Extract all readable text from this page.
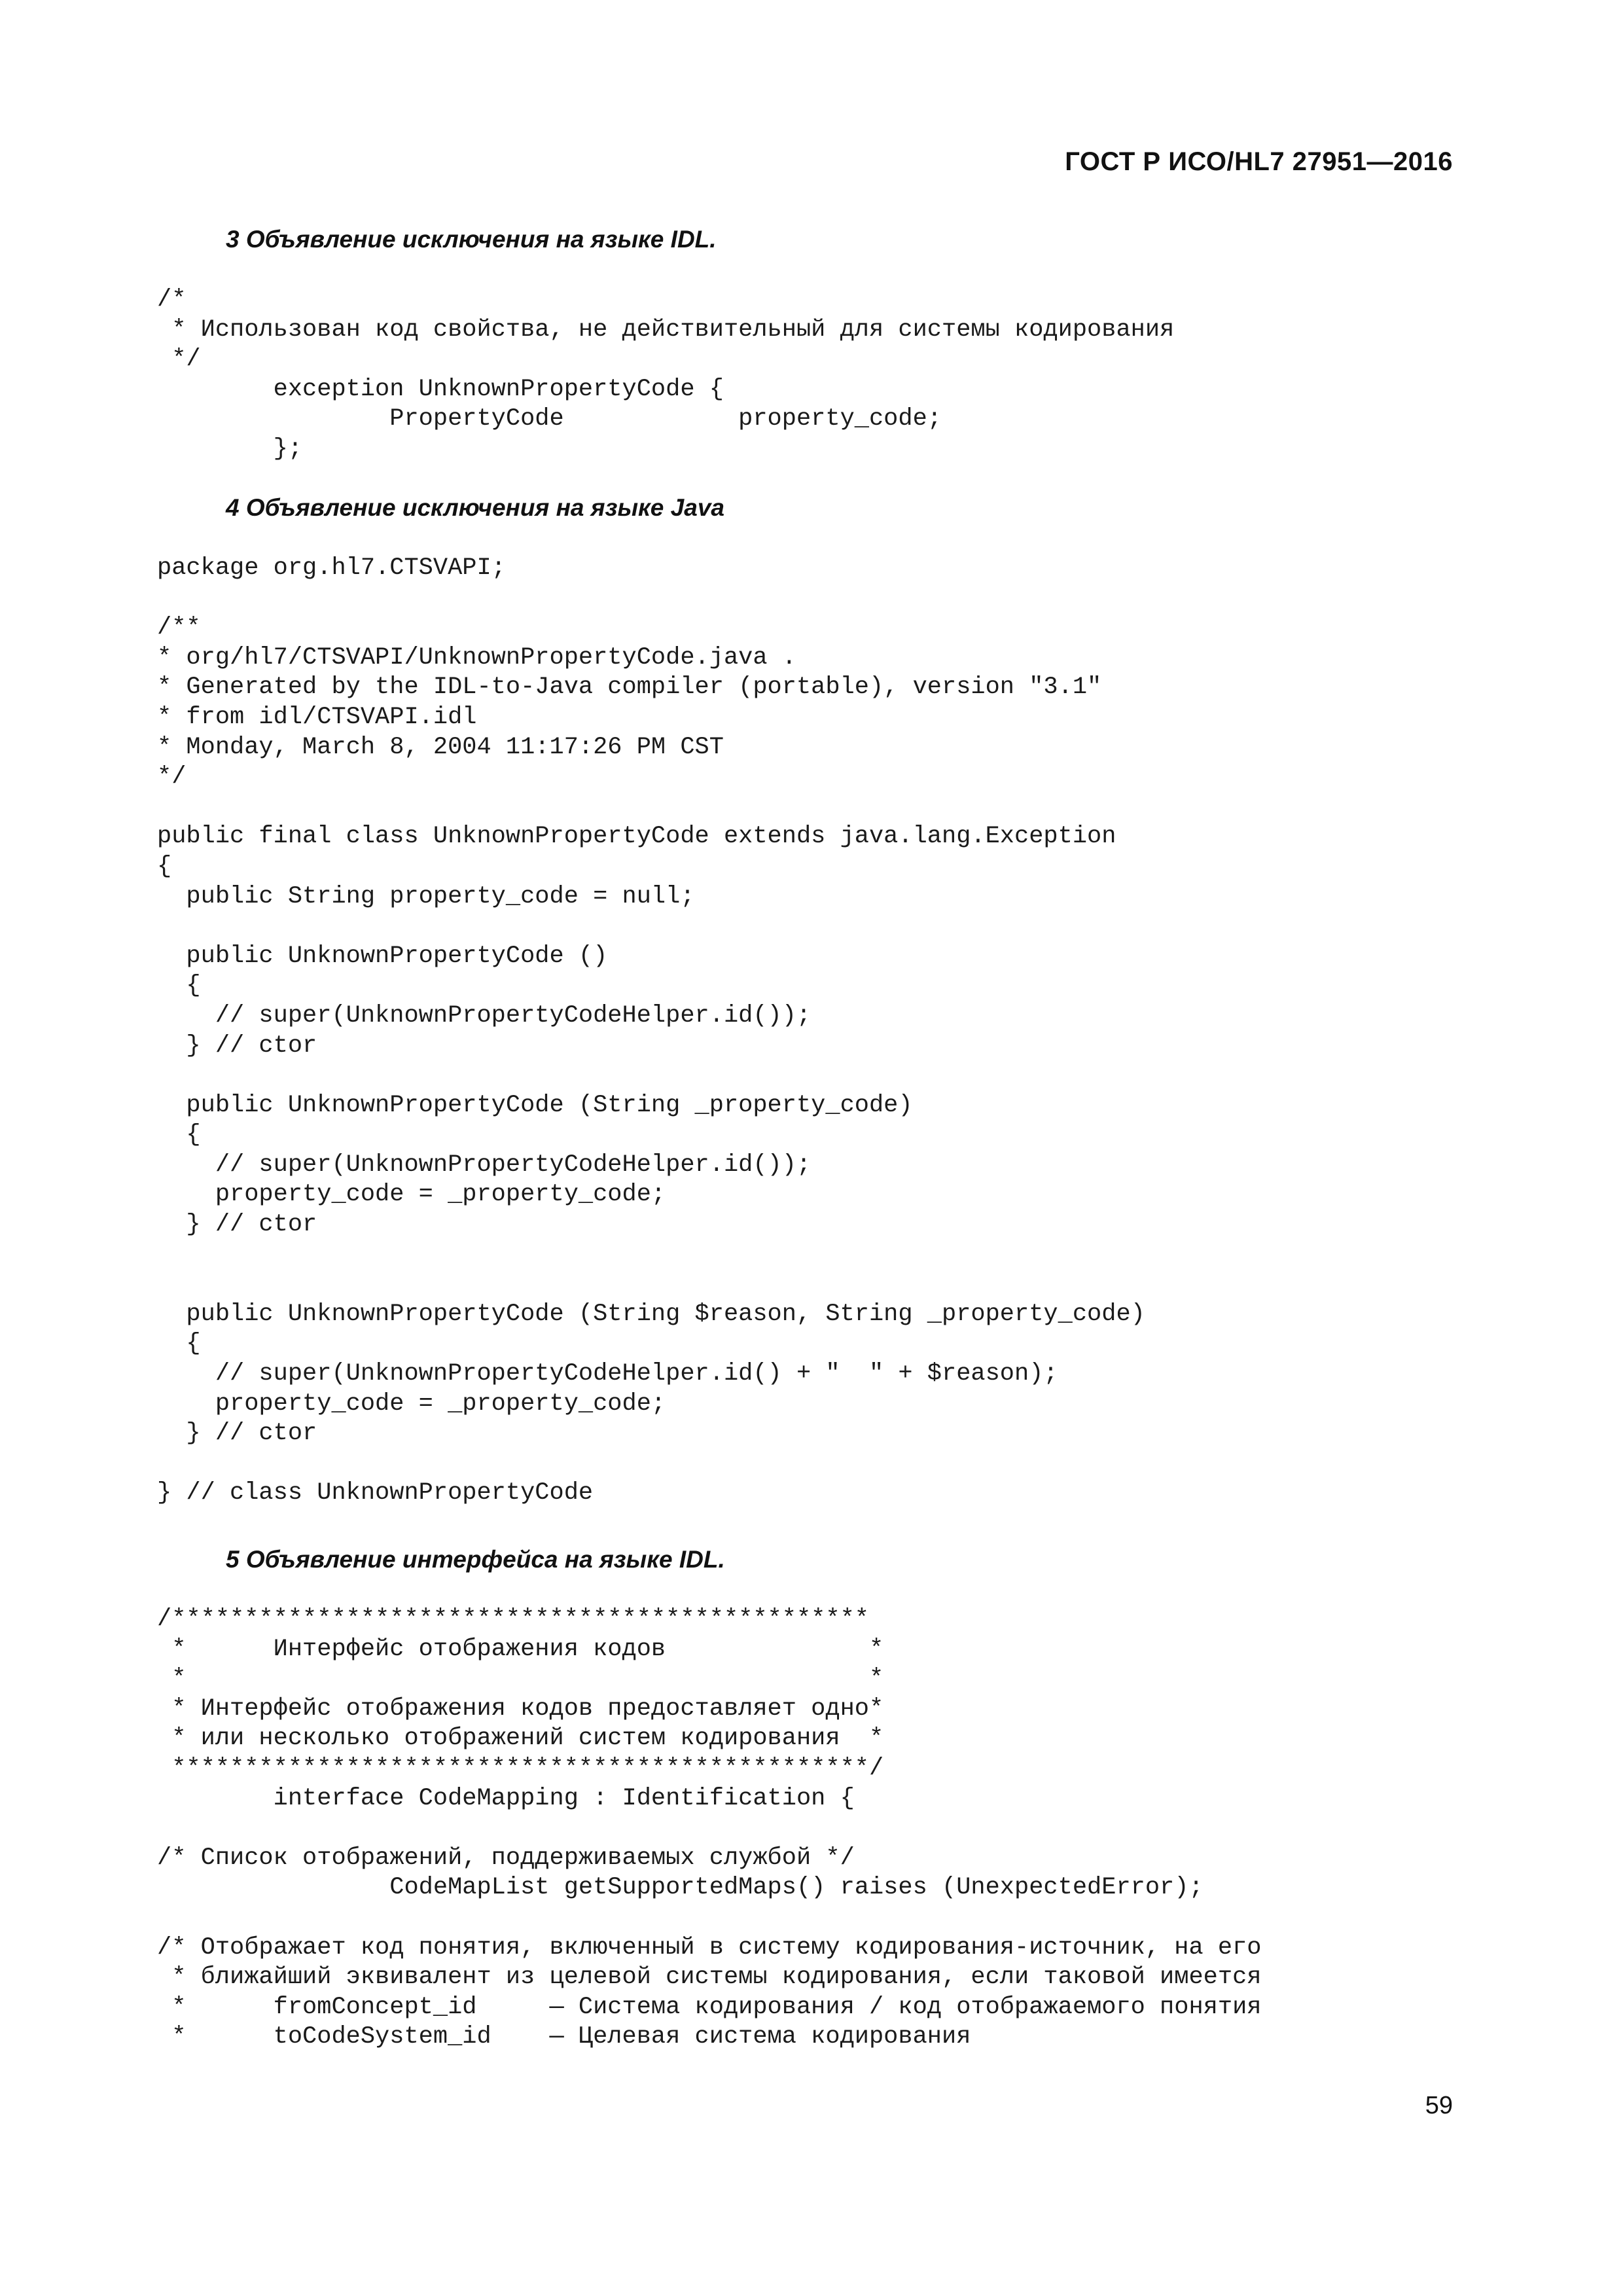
ГОСТ Р ИСО/HL7 27951—2016
3 Объявление исключения на языке IDL.
/*
* Использован код свойства, не действительный для системы кодирования
*/
exception UnknownPropertyCode {
PropertyCode            property_code;
};
4 Объявление исключения на языке Java
package org.hl7.CTSVAPI;
/**
* org/hl7/CTSVAPI/UnknownPropertyCode.java .
* Generated by the IDL-to-Java compiler (portable), version "3.1"
* from idl/CTSVAPI.idl
* Monday, March 8, 2004 11:17:26 PM CST
*/
public final class UnknownPropertyCode extends java.lang.Exception
{
public String property_code = null;
public UnknownPropertyCode ()
{
// super(UnknownPropertyCodeHelper.id());
} // ctor
public UnknownPropertyCode (String _property_code)
{
// super(UnknownPropertyCodeHelper.id());
property_code = _property_code;
} // ctor
public UnknownPropertyCode (String $reason, String _property_code)
{
// super(UnknownPropertyCodeHelper.id() + "  " + $reason);
property_code = _property_code;
} // ctor
} // class UnknownPropertyCode
5 Объявление интерфейса на языке IDL.
/************************************************
*      Интерфейс отображения кодов              *
*                                               *
* Интерфейс отображения кодов предоставляет одно*
* или несколько отображений систем кодирования  *
************************************************/
interface CodeMapping : Identification {
/* Список отображений, поддерживаемых службой */
CodeMapList getSupportedMaps() raises (UnexpectedError);
/* Отображает код понятия, включенный в систему кодирования-источник, на его
* ближайший эквивалент из целевой системы кодирования, если таковой имеется
*      fromConcept_id     — Система кодирования / код отображаемого понятия
*      toCodeSystem_id    — Целевая система кодирования
59
